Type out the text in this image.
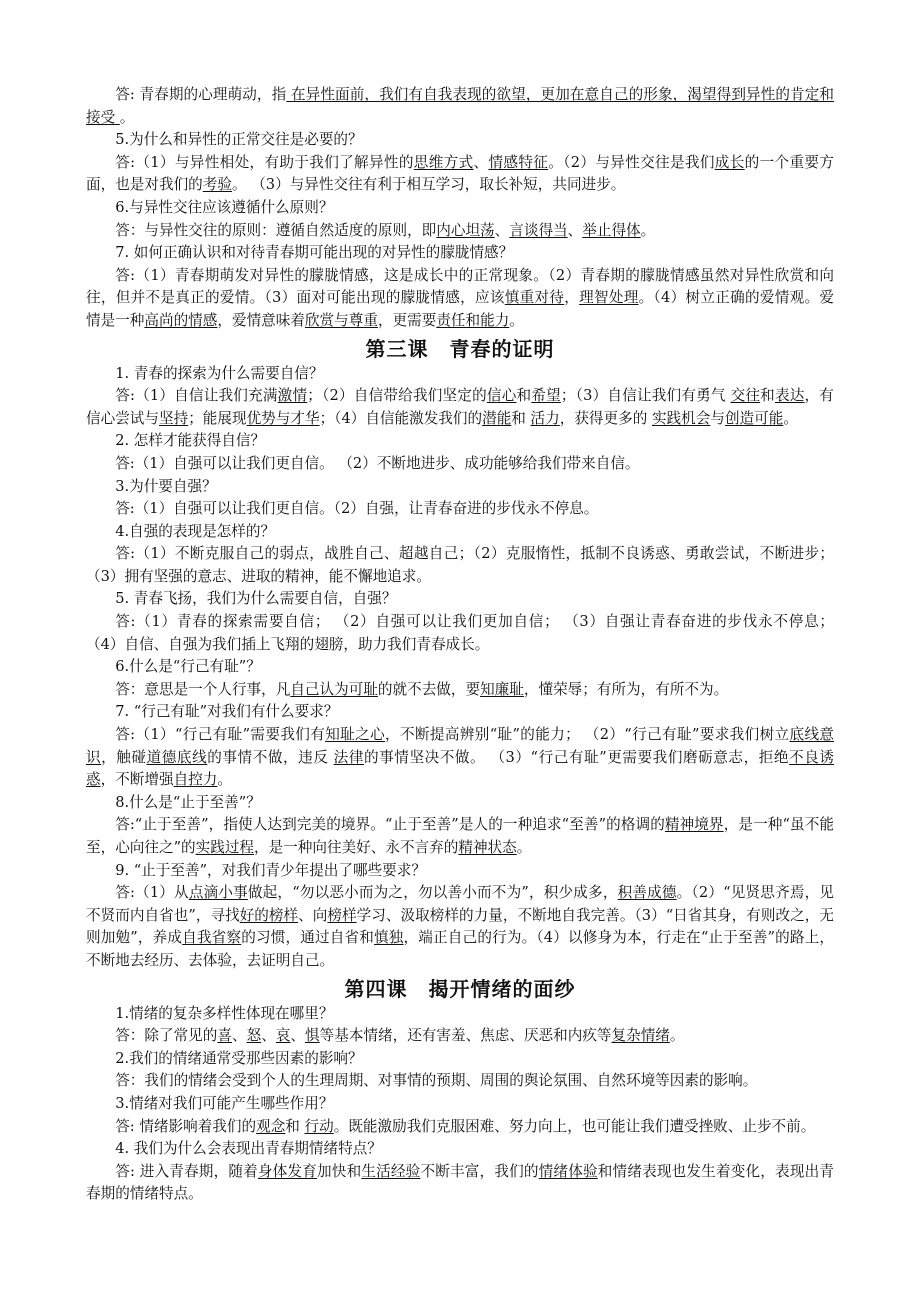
答: 青春期的心理萌动，指 在异性面前，我们有自我表现的欲望，更加在意自己的形象，渴望得到异性的肯定和接受 。

5.为什么和异性的正常交往是必要的？

答:（1）与异性相处，有助于我们了解异性的思维方式、情感特征。（2）与异性交往是我们成长的一个重要方面，也是对我们的考验。 （3）与异性交往有利于相互学习，取长补短，共同进步。

6.与异性交往应该遵循什么原则？

答：与异性交往的原则：遵循自然适度的原则，即内心坦荡、言谈得当、举止得体。

7. 如何正确认识和对待青春期可能出现的对异性的朦胧情感？

答:（1）青春期萌发对异性的朦胧情感，这是成长中的正常现象。（2）青春期的朦胧情感虽然对异性欣赏和向往，但并不是真正的爱情。（3）面对可能出现的朦胧情感，应该慎重对待，理智处理。（4）树立正确的爱情观。爱情是一种高尚的情感，爱情意味着欣赏与尊重，更需要责任和能力。

第三课　青春的证明

1. 青春的探索为什么需要自信？

答:（1）自信让我们充满激情；（2）自信带给我们坚定的信心和希望；（3）自信让我们有勇气 交往和表达，有信心尝试与坚持；能展现优势与才华；（4）自信能激发我们的潜能和 活力，获得更多的 实践机会与创造可能。

2. 怎样才能获得自信？

答:（1）自强可以让我们更自信。 （2）不断地进步、成功能够给我们带来自信。

3.为什要自强？

答:（1）自强可以让我们更自信。（2）自强，让青春奋进的步伐永不停息。

4.自强的表现是怎样的？

答:（1）不断克服自己的弱点，战胜自己、超越自己；（2）克服惰性，抵制不良诱惑、勇敢尝试，不断进步；（3）拥有坚强的意志、进取的精神，能不懈地追求。

5. 青春飞扬，我们为什么需要自信，自强？

答:（1）青春的探索需要自信； （2）自强可以让我们更加自信； （3）自强让青春奋进的步伐永不停息； （4）自信、自强为我们插上飞翔的翅膀，助力我们青春成长。

6.什么是“行己有耻”？

答：意思是一个人行事，凡自己认为可耻的就不去做，要知廉耻，懂荣辱；有所为，有所不为。

7. “行己有耻”对我们有什么要求？

答:（1）“行己有耻”需要我们有知耻之心，不断提高辨别“耻”的能力； （2）“行己有耻”要求我们树立底线意识，触碰道德底线的事情不做，违反 法律的事情坚决不做。 （3）“行己有耻”更需要我们磨砺意志，拒绝不良诱惑，不断增强自控力。

8.什么是“止于至善”？

答:“止于至善”，指使人达到完美的境界。“止于至善”是人的一种追求“至善”的格调的精神境界，是一种“虽不能至，心向往之”的实践过程，是一种向往美好、永不言弃的精神状态。

9. “止于至善”，对我们青少年提出了哪些要求？

答:（1）从点滴小事做起，“勿以恶小而为之，勿以善小而不为”，积少成多，积善成德。（2）“见贤思齐焉，见不贤而内自省也”，寻找好的榜样、向榜样学习、汲取榜样的力量，不断地自我完善。（3）“日省其身，有则改之，无则加勉”，养成自我省察的习惯，通过自省和慎独，端正自己的行为。（4）以修身为本，行走在“止于至善”的路上，不断地去经历、去体验，去证明自己。

第四课　揭开情绪的面纱

1.情绪的复杂多样性体现在哪里？

答：除了常见的喜、怒、哀、惧等基本情绪，还有害羞、焦虑、厌恶和内疚等复杂情绪。

2.我们的情绪通常受那些因素的影响？

答：我们的情绪会受到个人的生理周期、对事情的预期、周围的舆论氛围、自然环境等因素的影响。

3.情绪对我们可能产生哪些作用？

答: 情绪影响着我们的观念和 行动。既能激励我们克服困难、努力向上，也可能让我们遭受挫败、止步不前。

4. 我们为什么会表现出青春期情绪特点？

答: 进入青春期，随着身体发育加快和生活经验不断丰富，我们的情绪体验和情绪表现也发生着变化，表现出青春期的情绪特点。
